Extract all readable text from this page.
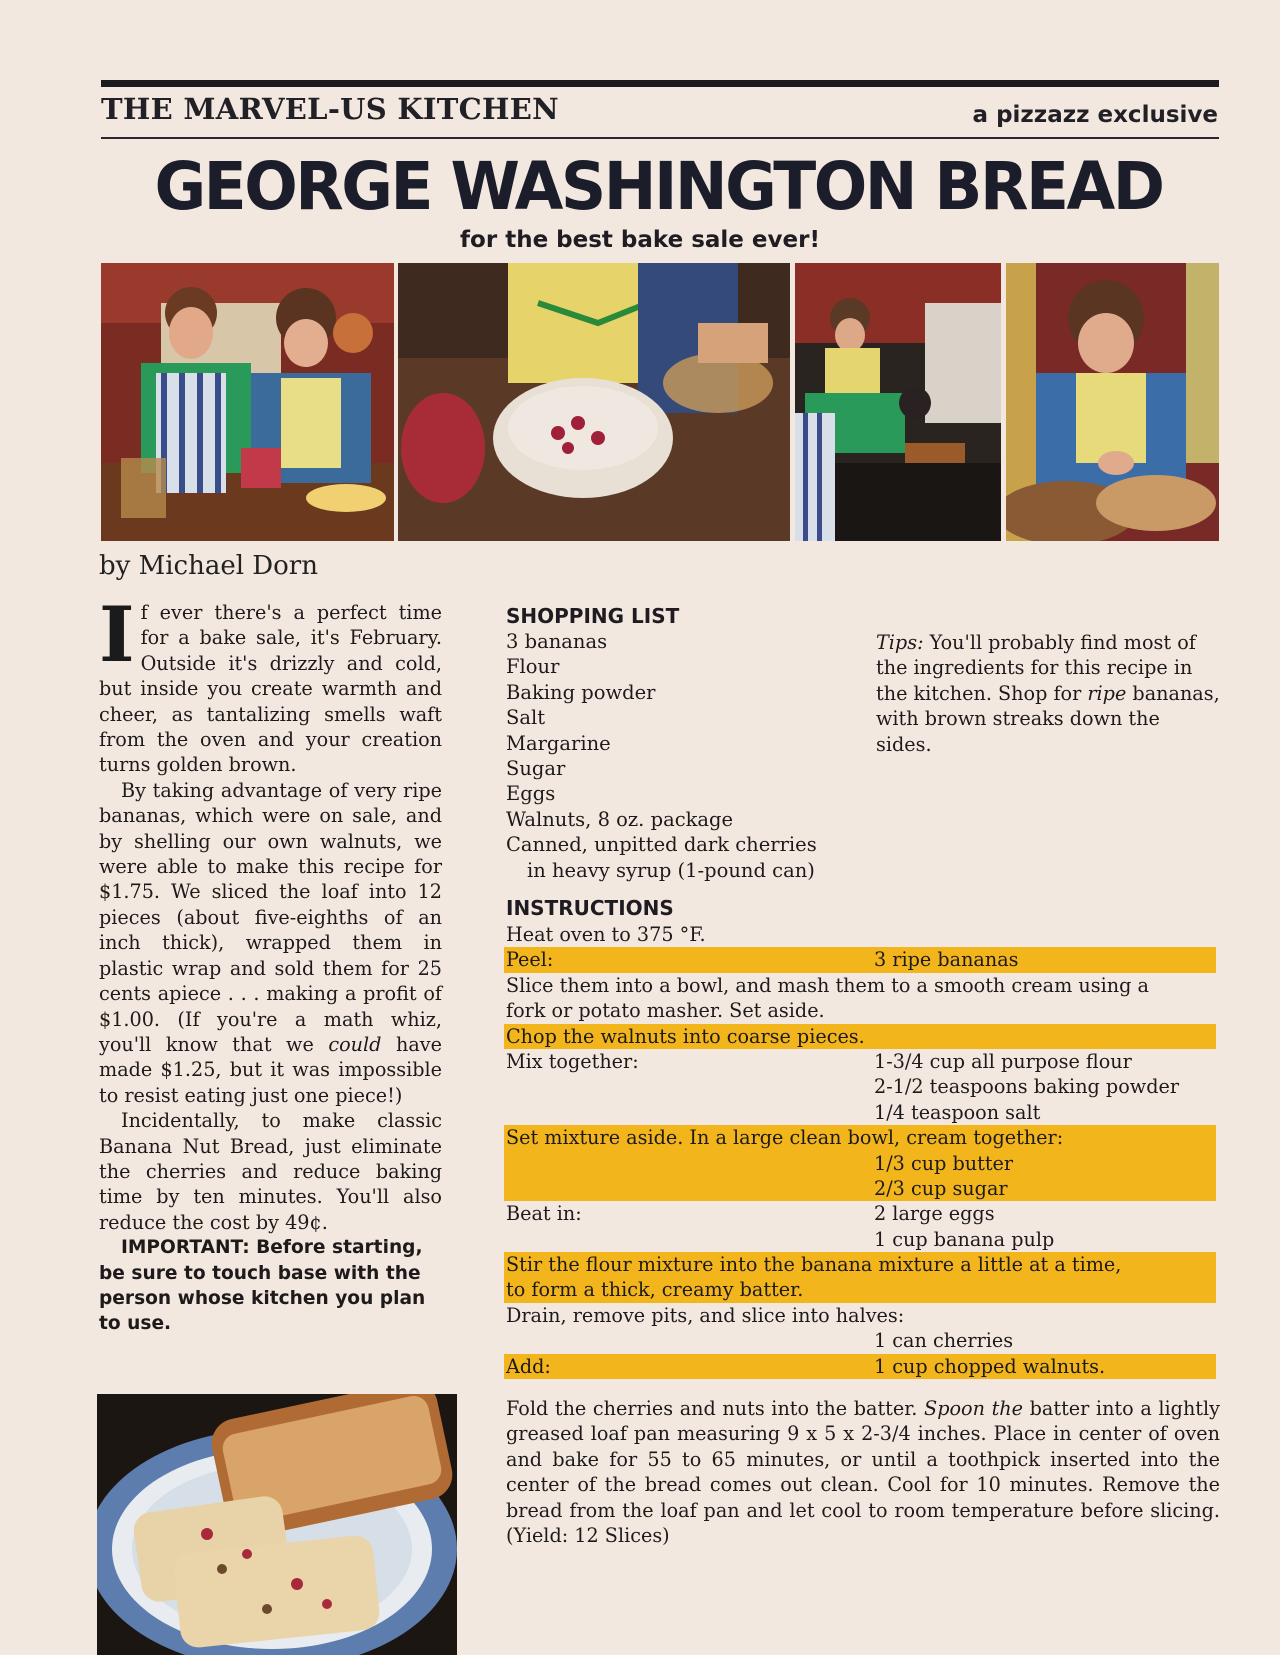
THE MARVEL-US KITCHEN	a pizzazz exclusive
GEORGE WASHINGTON BREAD
for the best bake sale ever!
by Michael Dorn

If ever there's a perfect time for a bake sale, it's February. Outside it's drizzly and cold, but inside you create warmth and cheer, as tantalizing smells waft from the oven and your creation turns golden brown.

By taking advantage of very ripe bananas, which were on sale, and by shelling our own walnuts, we were able to make this recipe for $1.75. We sliced the loaf into 12 pieces (about five-eighths of an inch thick), wrapped them in plastic wrap and sold them for 25 cents apiece . . . making a profit of $1.00. (If you're a math whiz, you'll know that we could have made $1.25, but it was impossible to resist eating just one piece!)

Incidentally, to make classic Banana Nut Bread, just eliminate the cherries and reduce baking time by ten minutes. You'll also reduce the cost by 49¢.

IMPORTANT: Before starting, be sure to touch base with the person whose kitchen you plan to use.

SHOPPING LIST
3 bananas
Flour
Baking powder
Salt
Margarine
Sugar
Eggs
Walnuts, 8 oz. package
Canned, unpitted dark cherries
in heavy syrup (1-pound can)
Tips: You'll probably find most of the ingredients for this recipe in the kitchen. Shop for ripe bananas, with brown streaks down the sides.
INSTRUCTIONS
Heat oven to 375 °F.
Peel:	3 ripe bananas
Slice them into a bowl, and mash them to a smooth cream using a
fork or potato masher. Set aside.
Chop the walnuts into coarse pieces.
Mix together:	1-3/4 cup all purpose flour
2-1/2 teaspoons baking powder
1/4 teaspoon salt
Set mixture aside. In a large clean bowl, cream together:
1/3 cup butter
2/3 cup sugar
Beat in:	2 large eggs
1 cup banana pulp
Stir the flour mixture into the banana mixture a little at a time,
to form a thick, creamy batter.
Drain, remove pits, and slice into halves:
1 can cherries
Add:	1 cup chopped walnuts.
Fold the cherries and nuts into the batter. Spoon the batter into a lightly greased loaf pan measuring 9 x 5 x 2-3/4 inches. Place in center of oven and bake for 55 to 65 minutes, or until a toothpick inserted into the center of the bread comes out clean. Cool for 10 minutes. Remove the bread from the loaf pan and let cool to room temperature before slicing. (Yield: 12 Slices)
